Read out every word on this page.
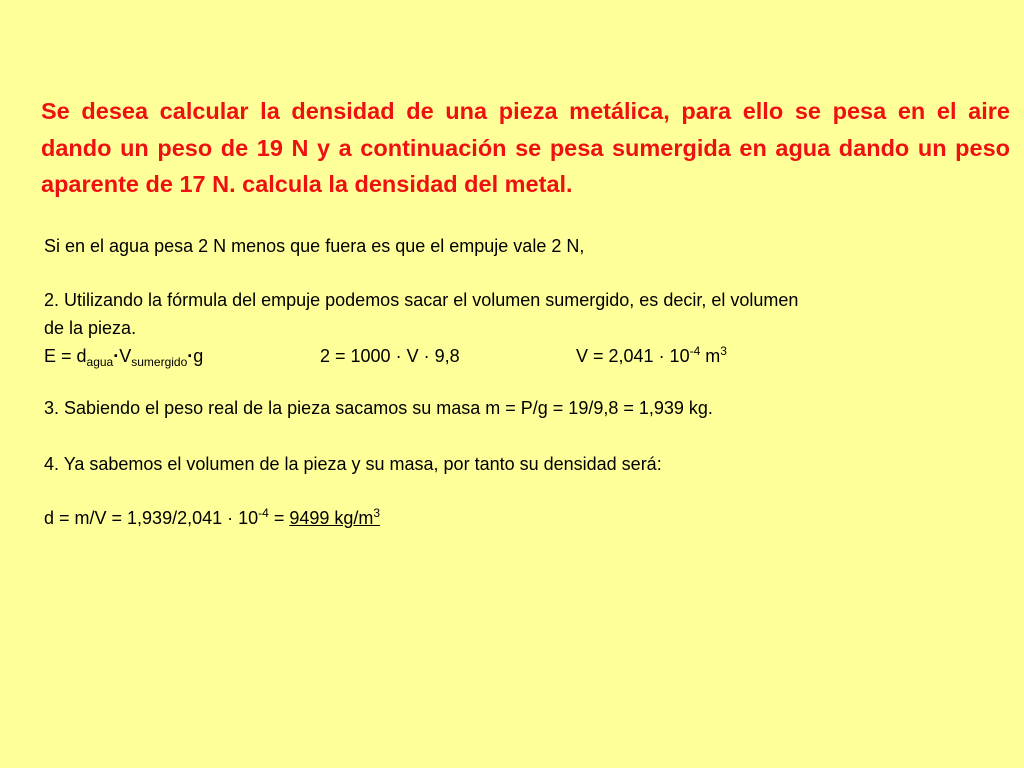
Se desea calcular la densidad de una pieza metálica, para ello se pesa en el aire dando un peso de 19 N y a continuación se pesa sumergida en agua dando un peso aparente de 17 N. calcula la densidad del metal.

Si en el agua pesa 2 N menos que fuera es que el empuje vale 2 N,

2. Utilizando la fórmula del empuje podemos sacar el volumen sumergido, es decir, el volumen

de la pieza.

$E = d_{agua}\cdot V_{sumergido}\cdot g$	2 = 1000 · V · 9,8	$V = 2,041 \cdot 10^{-4}$ $m^3$

3. Sabiendo el peso real de la pieza sacamos su masa m = P/g = 19/9,8 = 1,939 kg.

4. Ya sabemos el volumen de la pieza y su masa, por tanto su densidad será:

$d = m/V = 1,939/2,041 \cdot 10^{-4} = 9499$ $kg/m^3$
